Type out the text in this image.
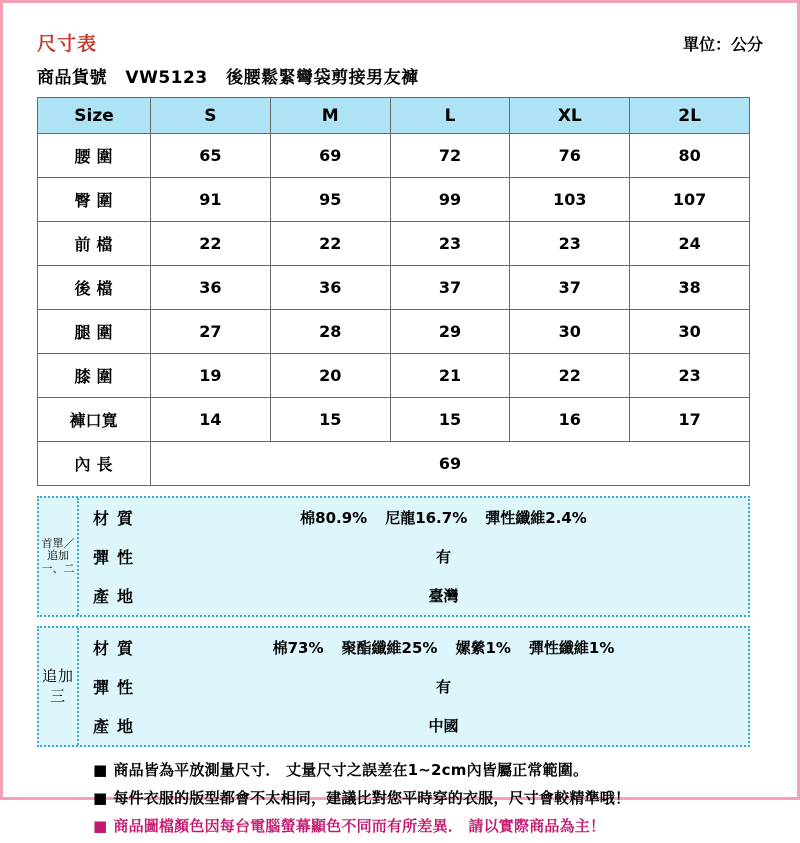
尺寸表	單位：公分
商品貨號 VW5123 後腰鬆緊彎袋剪接男友褲
Size	S	M	L	XL	2L
腰圍	65	69	72	76	80
臀圍	91	95	99	103	107
前檔	22	22	23	23	24
後檔	36	36	37	37	38
腿圍	27	28	29	30	30
膝圍	19	20	21	22	23
褲口寬	14	15	15	16	17
內長	69				
首單／追加一、二
材質	棉80.9% 尼龍16.7% 彈性纖維2.4%
彈性	有
產地	臺灣
追加三
材質	棉73% 聚酯纖維25% 嫘縈1% 彈性纖維1%
彈性	有
產地	中國
■ 商品皆為平放測量尺寸． 丈量尺寸之誤差在1~2cm內皆屬正常範圍。
■ 每件衣服的版型都會不太相同，建議比對您平時穿的衣服，尺寸會較精準哦！
■ 商品圖檔顏色因每台電腦螢幕顯色不同而有所差異． 請以實際商品為主！
